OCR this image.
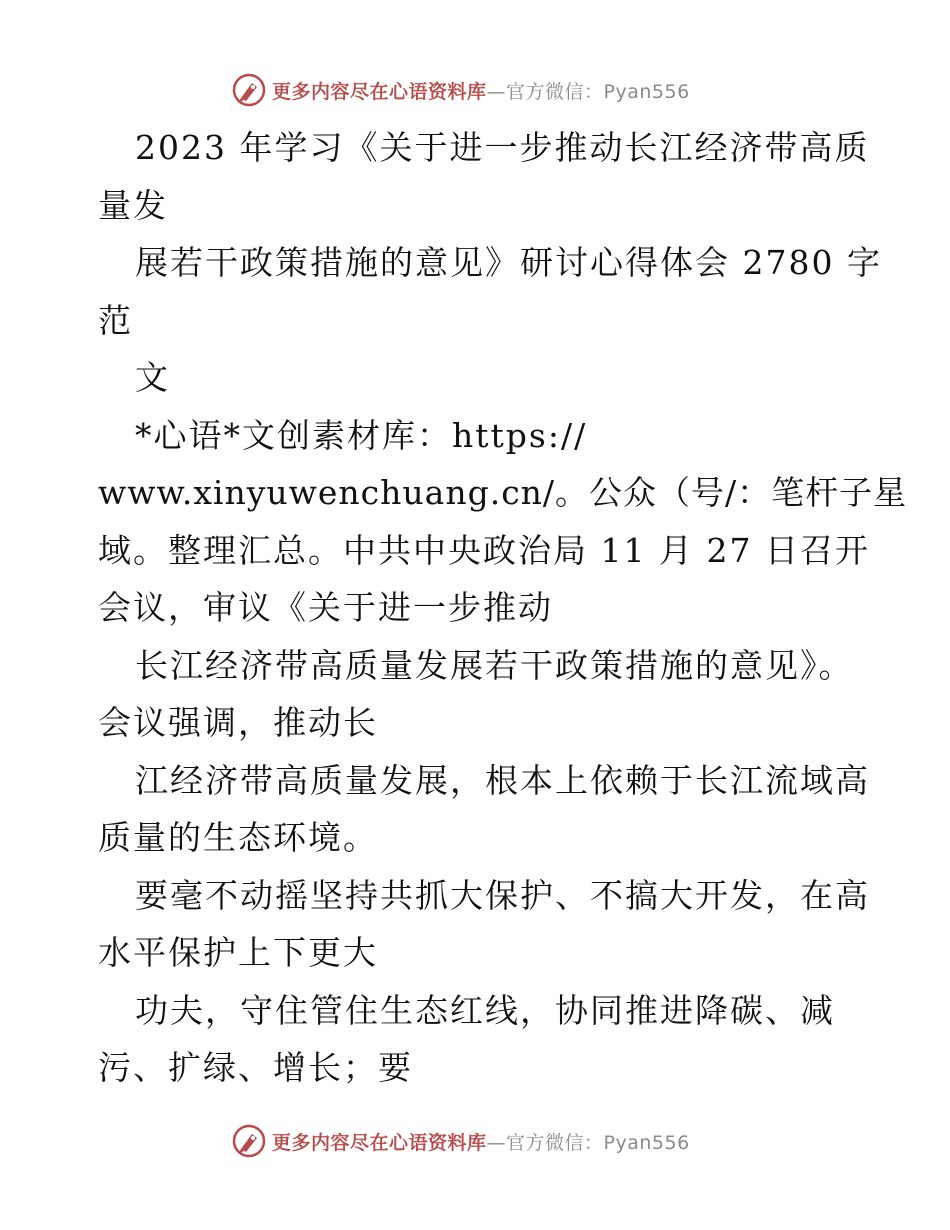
更多内容尽在心语资料库 —官方微信：Pyan556
2023 年学习《关于进一步推动长江经济带高质
量发
展若干政策措施的意见》研讨心得体会 2780 字
范
文
*心语*文创素材库：https://
www.xinyuwenchuang.cn/。公众（号/：笔杆子星
域。整理汇总。中共中央政治局 11 月 27 日召开
会议，审议《关于进一步推动
长江经济带高质量发展若干政策措施的意见》。
会议强调，推动长
江经济带高质量发展，根本上依赖于长江流域高
质量的生态环境。
要毫不动摇坚持共抓大保护、不搞大开发，在高
水平保护上下更大
功夫，守住管住生态红线，协同推进降碳、减
污、扩绿、增长；要
更多内容尽在心语资料库 —官方微信：Pyan556
